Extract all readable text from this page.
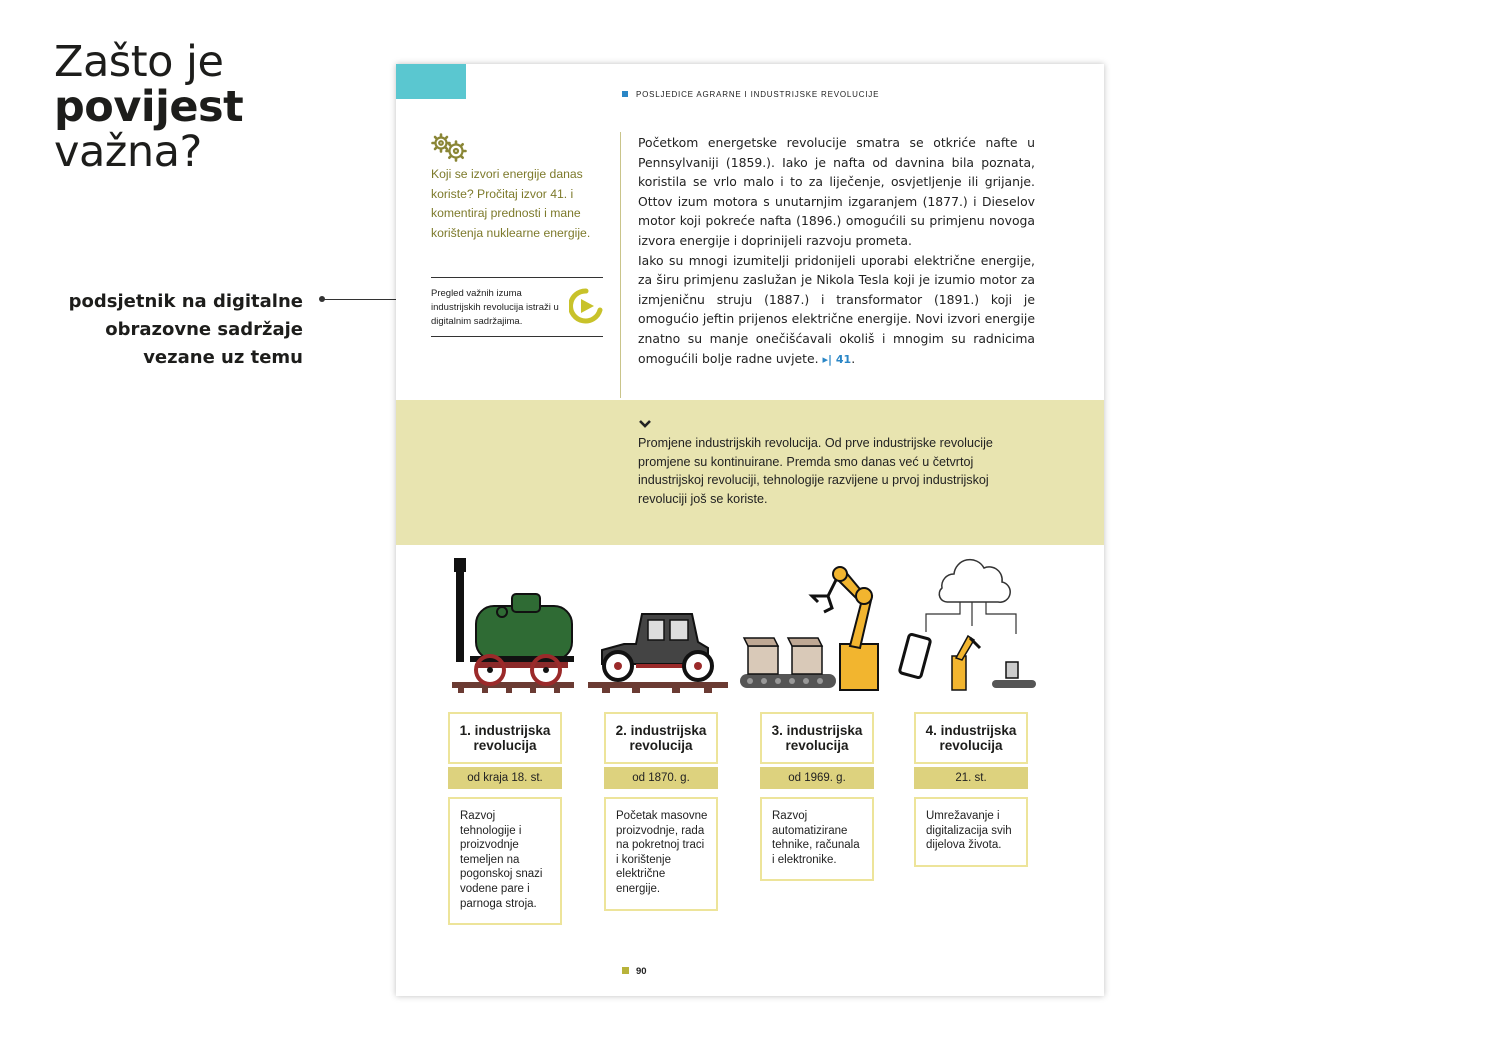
Zašto je
povijest
važna?
podsjetnik na digitalne obrazovne sadržaje vezane uz temu
POSLJEDICE AGRARNE I INDUSTRIJSKE REVOLUCIJE
Koji se izvori energije danas koriste? Pročitaj izvor 41. i komentiraj prednosti i mane korištenja nuklearne energije.
Pregled važnih izuma industrijskih revolucija istraži u digitalnim sadržajima.

Početkom energetske revolucije smatra se otkriće nafte u Pennsylvaniji (1859.). Iako je nafta od davnina bila poznata, koristila se vrlo malo i to za liječenje, osvjetljenje ili grijanje. Ottov izum motora s unutarnjim izgaranjem (1877.) i Dieselov motor koji pokreće nafta (1896.) omogućili su primjenu novoga izvora energije i doprinijeli razvoju prometa.

Iako su mnogi izumitelji pridonijeli uporabi električne energije, za širu primjenu zaslužan je Nikola Tesla koji je izumio motor za izmjeničnu struju (1887.) i transformator (1891.) koji je omogućio jeftin prijenos električne energije. Novi izvori energije znatno su manje onečišćavali okoliš i mnogim su radnicima omogućili bolje radne uvjete. ▸| 41.

Promjene industrijskih revolucija. Od prve industrijske revolucije promjene su kontinuirane. Premda smo danas već u četvrtoj industrijskoj revoluciji, tehnologije razvijene u prvoj industrijskoj revoluciji još se koriste.
1. industrijska revolucija
od kraja 18. st.
Razvoj tehnologije i proizvodnje temeljen na pogonskoj snazi vodene pare i parnoga stroja.
2. industrijska revolucija
od 1870. g.
Početak masovne proizvodnje, rada na pokretnoj traci i korištenje električne energije.
3. industrijska revolucija
od 1969. g.
Razvoj automatizirane tehnike, računala i elektronike.
4. industrijska revolucija
21. st.
Umrežavanje i digitalizacija svih dijelova života.
90
